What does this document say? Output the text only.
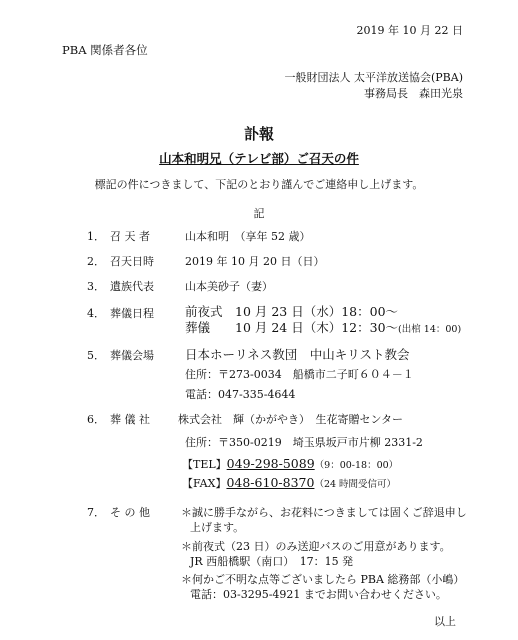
2019 年 10 月 22 日
PBA 関係者各位
一般財団法人 太平洋放送協会(PBA)
事務局長　森田光泉
訃報
山本和明兄（テレビ部）ご召天の件
標記の件につきまして、下記のとおり謹んでご連絡申し上げます。
記
1． 召 天 者	山本和明　（享年 52 歳）
2． 召天日時	2019 年 10 月 20 日（日）
3． 遺族代表	山本美砂子（妻）
4． 葬儀日程 前夜式　10 月 23 日（水）18：00～
葬儀　　10 月 24 日（木）12：30～(出棺 14：00)
5． 葬儀会場 日本ホーリネス教団　中山キリスト教会
住所：〒273-0034　船橋市二子町６０４－１
電話：047-335-4644
6． 葬 儀 社	株式会社　輝（かがやき）　生花寄贈センター
住所：〒350-0219　埼玉県坂戸市片柳 2331-2
【TEL】049-298-5089（9：00-18：00）
【FAX】048-610-8370（24 時間受信可）
7． そ の 他	＊誠に勝手ながら、お花料につきましては固くご辞退申し
上げます。
＊前夜式（23 日）のみ送迎バスのご用意があります。
JR 西船橋駅（南口）　17：15 発
＊何かご不明な点等ございましたら PBA 総務部（小嶋）
電話：03-3295-4921 までお問い合わせください。
以上
